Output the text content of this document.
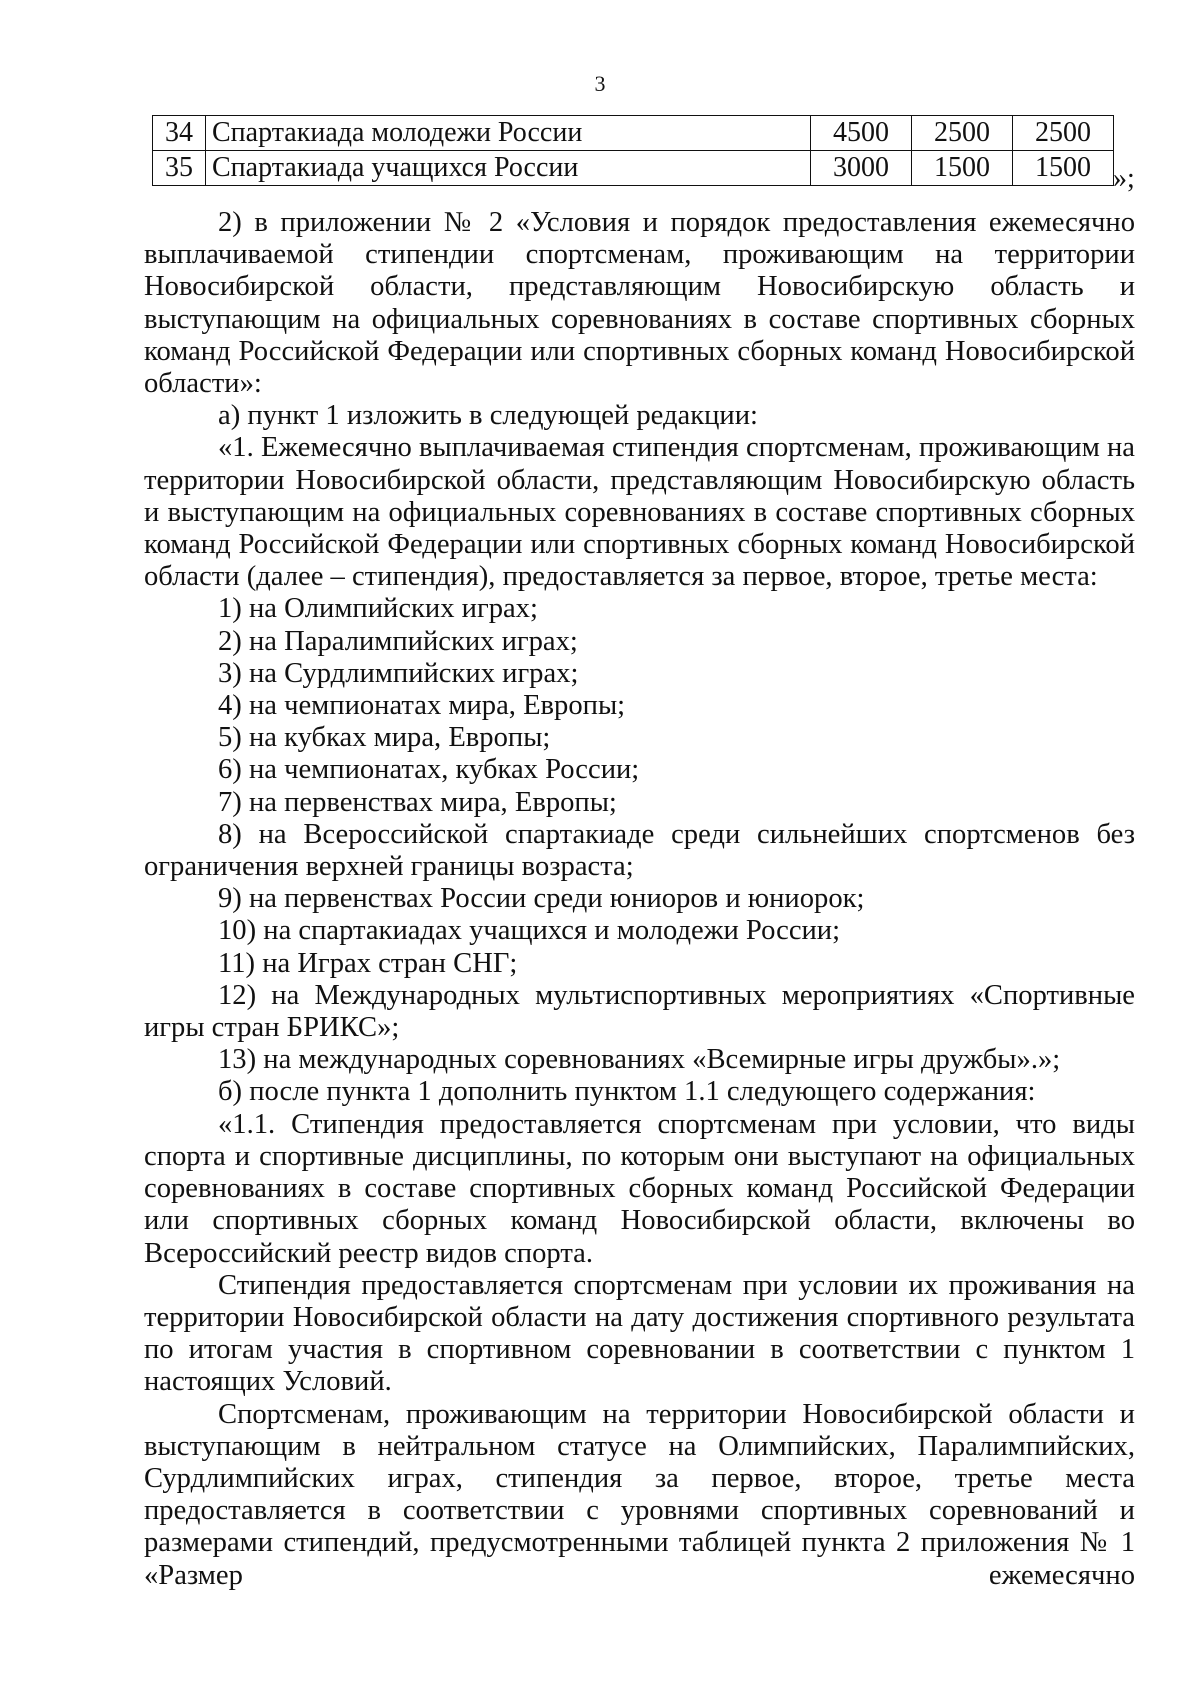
3
34	Спартакиада молодежи России	4500	2500	2500
35	Спартакиада учащихся России	3000	1500	1500 »;

2) в приложении № 2 «Условия и порядок предоставления ежемесячно выплачиваемой стипендии спортсменам, проживающим на территории Новосибирской области, представляющим Новосибирскую область и выступающим на официальных соревнованиях в составе спортивных сборных команд Российской Федерации или спортивных сборных команд Новосибирской области»:

а) пункт 1 изложить в следующей редакции:

«1. Ежемесячно выплачиваемая стипендия спортсменам, проживающим на территории Новосибирской области, представляющим Новосибирскую область и выступающим на официальных соревнованиях в составе спортивных сборных команд Российской Федерации или спортивных сборных команд Новосибирской области (далее – стипендия), предоставляется за первое, второе, третье места:

1) на Олимпийских играх;

2) на Паралимпийских играх;

3) на Сурдлимпийских играх;

4) на чемпионатах мира, Европы;

5) на кубках мира, Европы;

6) на чемпионатах, кубках России;

7) на первенствах мира, Европы;

8) на Всероссийской спартакиаде среди сильнейших спортсменов без ограничения верхней границы возраста;

9) на первенствах России среди юниоров и юниорок;

10) на спартакиадах учащихся и молодежи России;

11) на Играх стран СНГ;

12) на Международных мультиспортивных мероприятиях «Спортивные игры стран БРИКС»;

13) на международных соревнованиях «Всемирные игры дружбы».»;

б) после пункта 1 дополнить пунктом 1.1 следующего содержания:

«1.1. Стипендия предоставляется спортсменам при условии, что виды спорта и спортивные дисциплины, по которым они выступают на официальных соревнованиях в составе спортивных сборных команд Российской Федерации или спортивных сборных команд Новосибирской области, включены во Всероссийский реестр видов спорта.

Стипендия предоставляется спортсменам при условии их проживания на территории Новосибирской области на дату достижения спортивного результата по итогам участия в спортивном соревновании в соответствии с пунктом 1 настоящих Условий.

Спортсменам, проживающим на территории Новосибирской области и выступающим в нейтральном статусе на Олимпийских, Паралимпийских, Сурдлимпийских играх, стипендия за первое, второе, третье места предоставляется в соответствии с уровнями спортивных соревнований и размерами стипендий, предусмотренными таблицей пункта 2 приложения № 1 «Размер ежемесячно
